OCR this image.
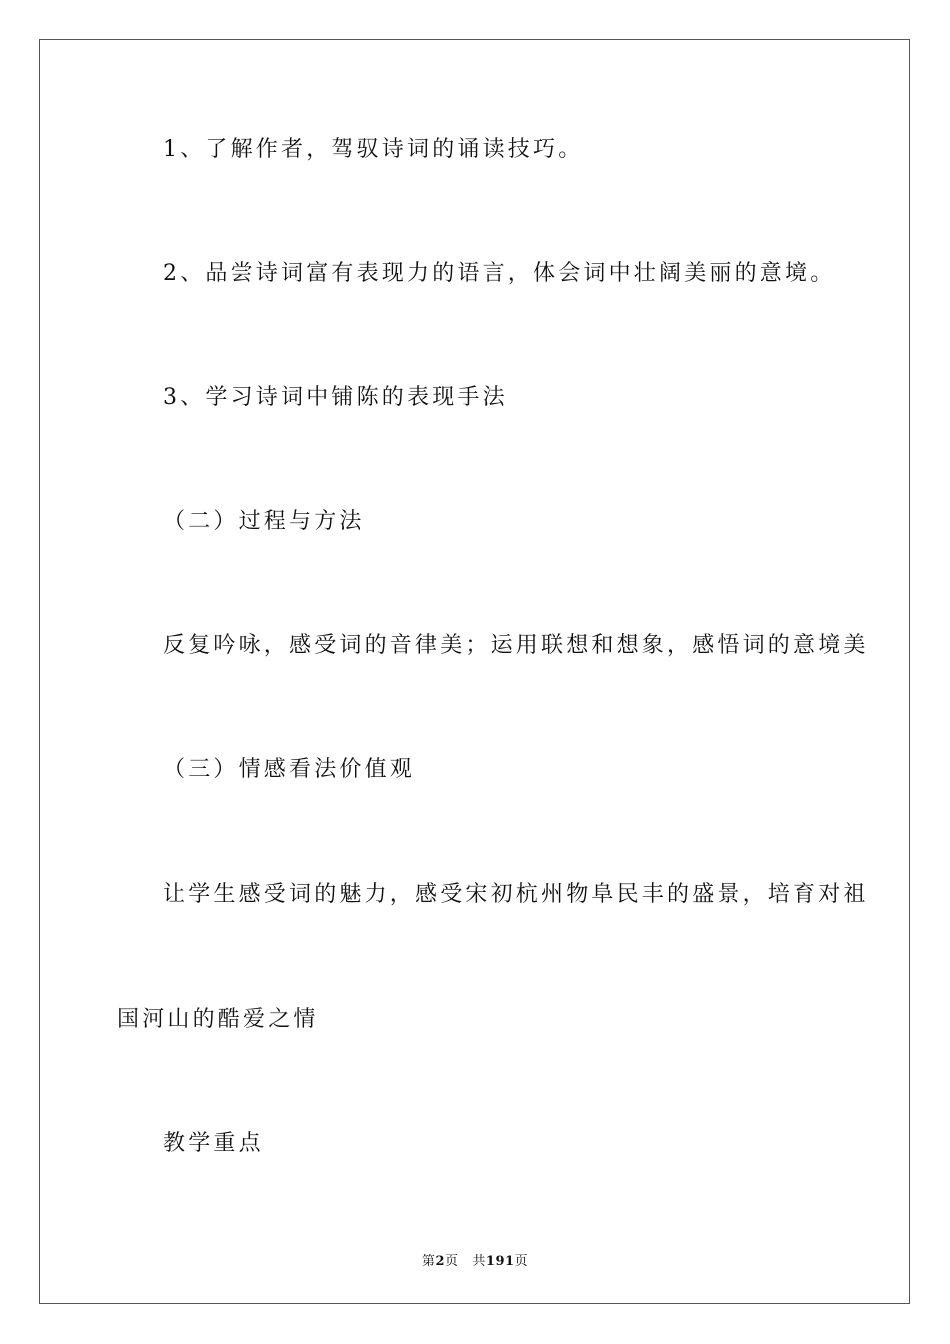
1、了解作者，驾驭诗词的诵读技巧。
2、品尝诗词富有表现力的语言，体会词中壮阔美丽的意境。
3、学习诗词中铺陈的表现手法
（二）过程与方法
反复吟咏，感受词的音律美；运用联想和想象，感悟词的意境美
（三）情感看法价值观
让学生感受词的魅力，感受宋初杭州物阜民丰的盛景，培育对祖
国河山的酷爱之情
教学重点
第2页 共191页
